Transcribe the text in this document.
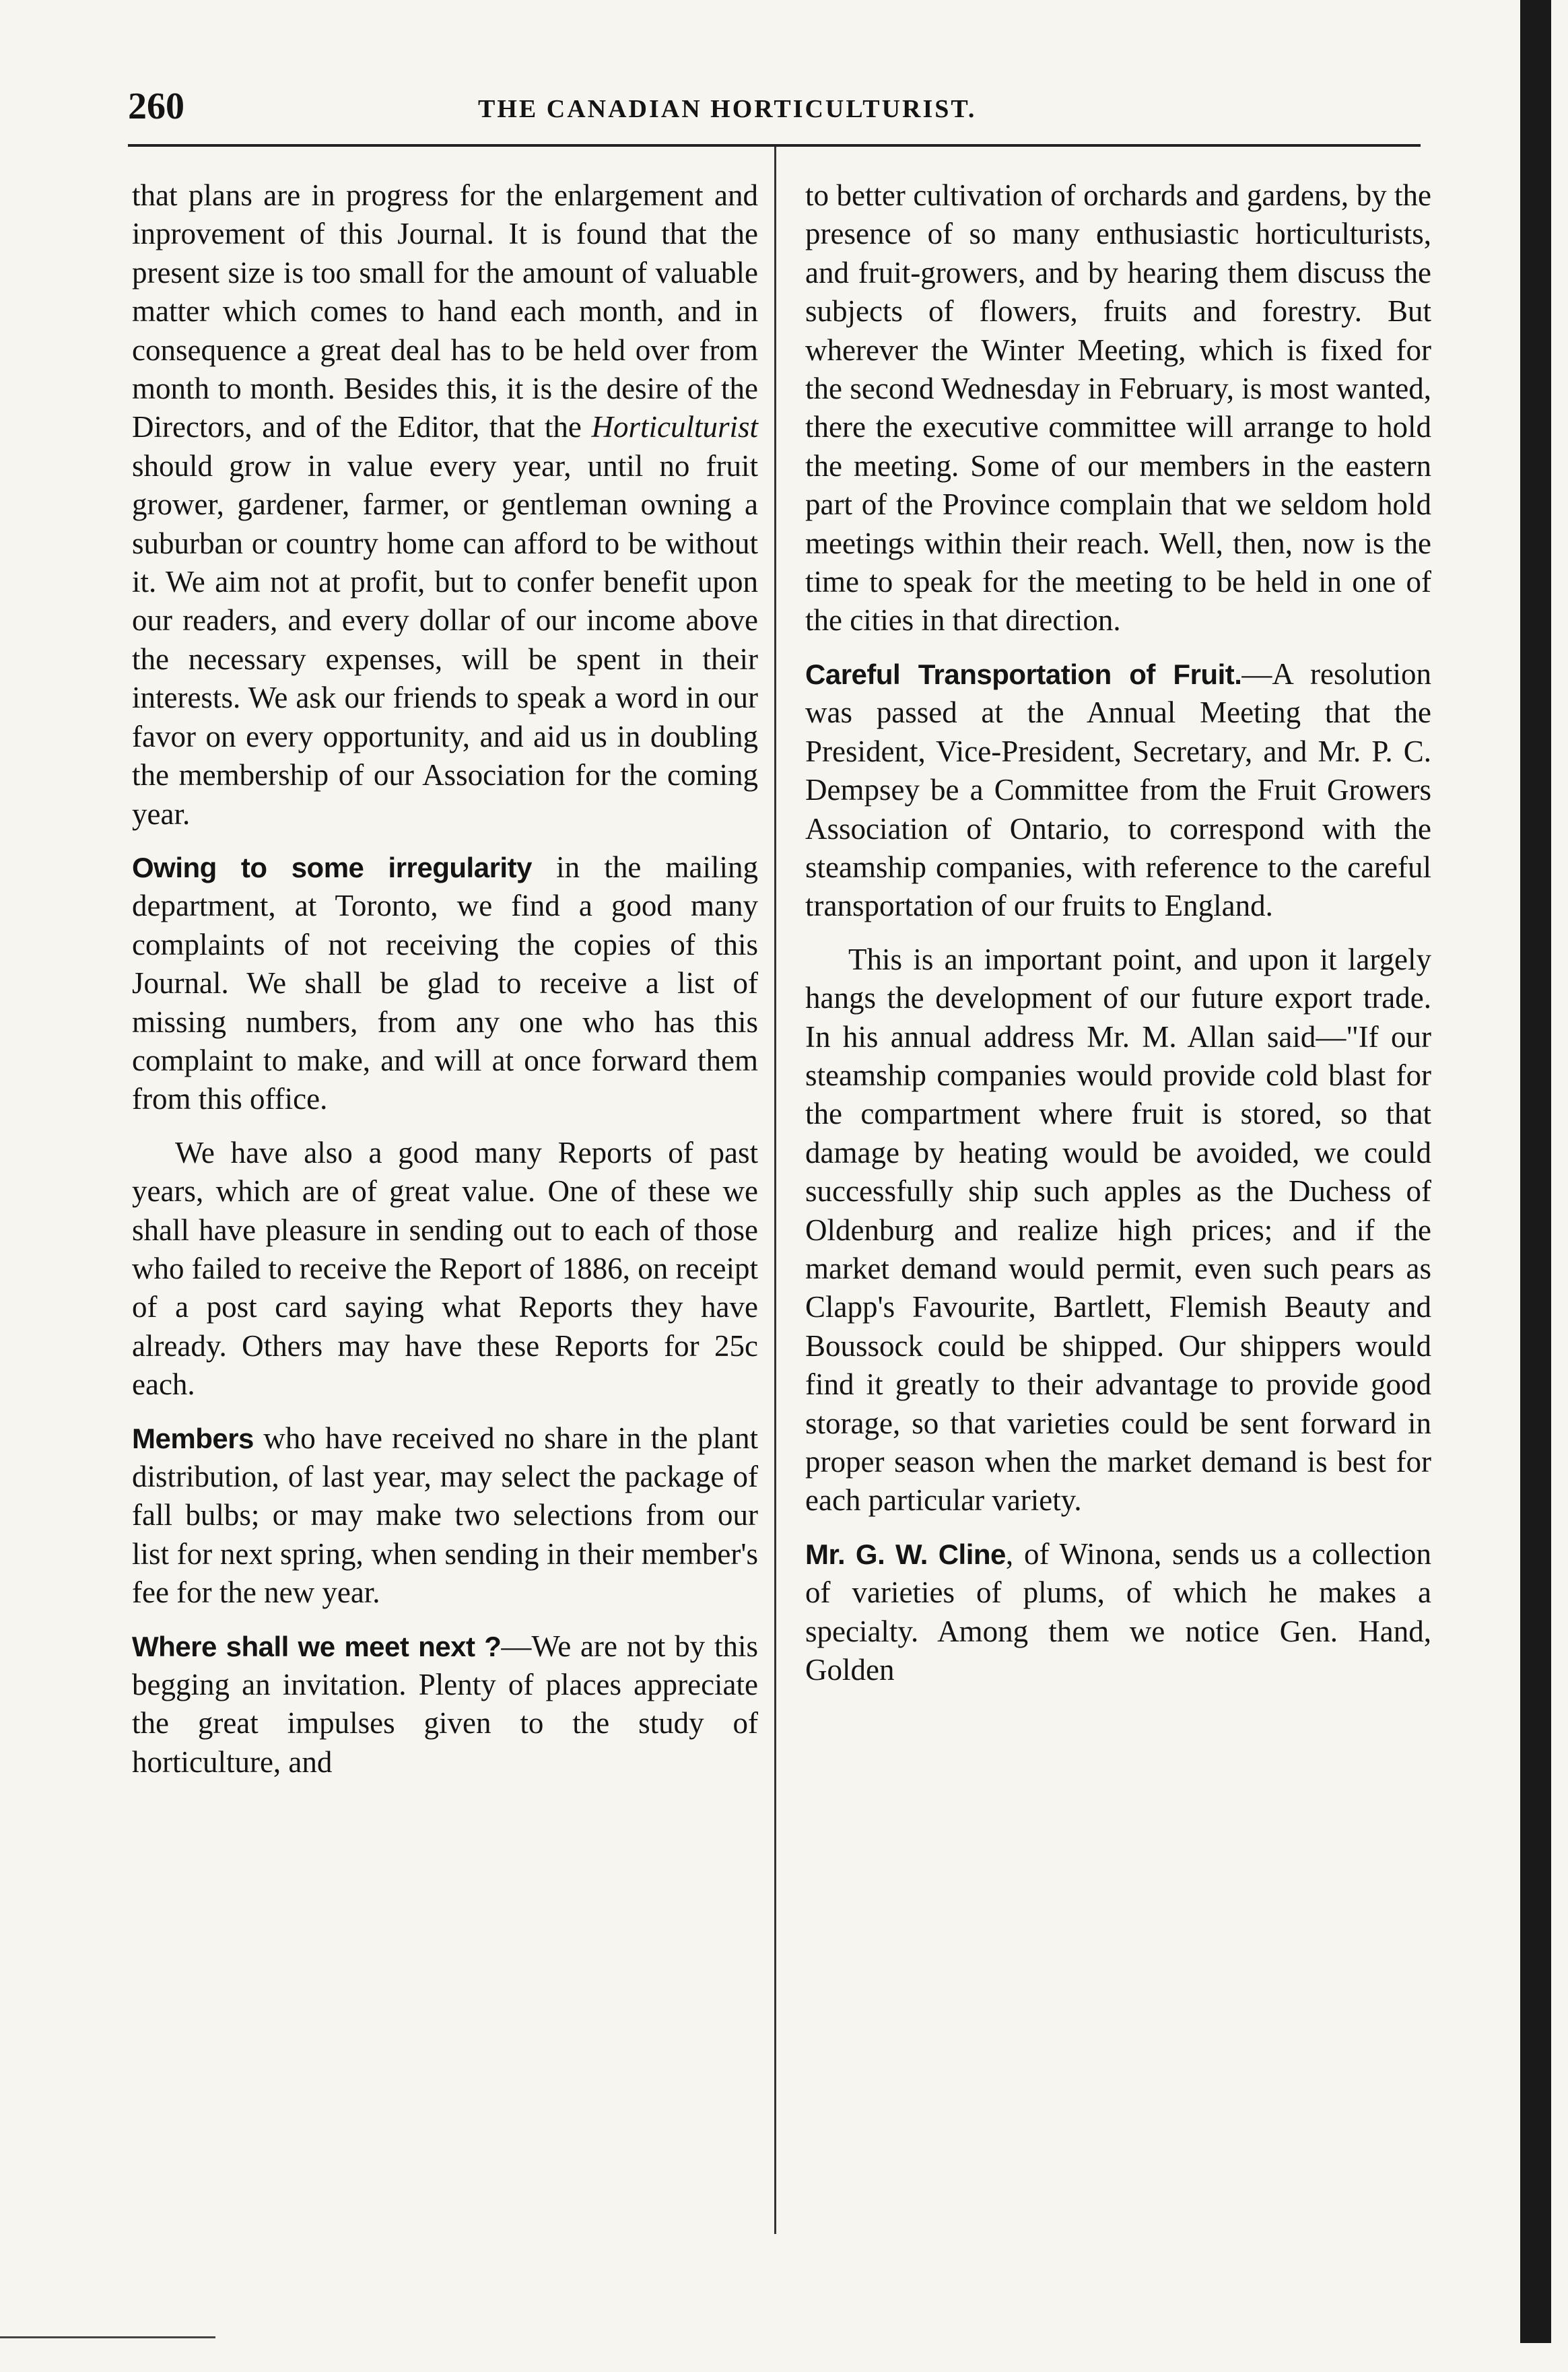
260	THE CANADIAN HORTICULTURIST.

that plans are in progress for the enlargement and inprovement of this Journal. It is found that the present size is too small for the amount of valuable matter which comes to hand each month, and in consequence a great deal has to be held over from month to month. Besides this, it is the desire of the Directors, and of the Editor, that the Horticulturist should grow in value every year, until no fruit grower, gardener, farmer, or gentleman owning a suburban or country home can afford to be without it. We aim not at profit, but to confer benefit upon our readers, and every dollar of our income above the necessary expenses, will be spent in their interests. We ask our friends to speak a word in our favor on every opportunity, and aid us in doubling the membership of our Association for the coming year.

Owing to some irregularity in the mailing department, at Toronto, we find a good many complaints of not receiving the copies of this Journal. We shall be glad to receive a list of missing numbers, from any one who has this complaint to make, and will at once forward them from this office.

We have also a good many Reports of past years, which are of great value. One of these we shall have pleasure in sending out to each of those who failed to receive the Report of 1886, on receipt of a post card saying what Reports they have already. Others may have these Reports for 25c each.

Members who have received no share in the plant distribution, of last year, may select the package of fall bulbs; or may make two selections from our list for next spring, when sending in their member's fee for the new year.

Where shall we meet next ?—We are not by this begging an invitation. Plenty of places appreciate the great impulses given to the study of horticulture, and

to better cultivation of orchards and gardens, by the presence of so many enthusiastic horticulturists, and fruit-growers, and by hearing them discuss the subjects of flowers, fruits and forestry. But wherever the Winter Meeting, which is fixed for the second Wednesday in February, is most wanted, there the executive committee will arrange to hold the meeting. Some of our members in the eastern part of the Province complain that we seldom hold meetings within their reach. Well, then, now is the time to speak for the meeting to be held in one of the cities in that direction.

Careful Transportation of Fruit.—A resolution was passed at the Annual Meeting that the President, Vice-President, Secretary, and Mr. P. C. Dempsey be a Committee from the Fruit Growers Association of Ontario, to correspond with the steamship companies, with reference to the careful transportation of our fruits to England.

This is an important point, and upon it largely hangs the development of our future export trade. In his annual address Mr. M. Allan said—"If our steamship companies would provide cold blast for the compartment where fruit is stored, so that damage by heating would be avoided, we could successfully ship such apples as the Duchess of Oldenburg and realize high prices; and if the market demand would permit, even such pears as Clapp's Favourite, Bartlett, Flemish Beauty and Boussock could be shipped. Our shippers would find it greatly to their advantage to provide good storage, so that varieties could be sent forward in proper season when the market demand is best for each particular variety.

Mr. G. W. Cline, of Winona, sends us a collection of varieties of plums, of which he makes a specialty. Among them we notice Gen. Hand, Golden
